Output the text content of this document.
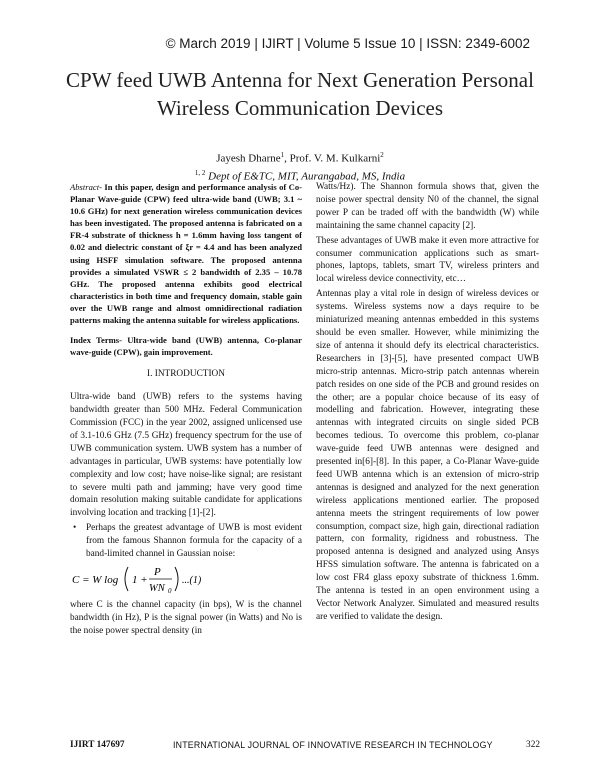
© March 2019 | IJIRT | Volume 5 Issue 10 | ISSN: 2349-6002
CPW feed UWB Antenna for Next Generation Personal
Wireless Communication Devices
Jayesh Dharne$^1$, Prof. V. M. Kulkarni$^2$
$^{1, 2}$ Dept of E&TC, MIT, Aurangabad, MS, India

Abstract- In this paper, design and performance analysis of Co-Planar Wave-guide (CPW) feed ultra-wide band (UWB; 3.1 ~ 10.6 GHz) for next generation wireless communication devices has been investigated. The proposed antenna is fabricated on a FR-4 substrate of thickness h = 1.6mm having loss tangent of 0.02 and dielectric constant of ξr = 4.4 and has been analyzed using HSFF simulation software. The proposed antenna provides a simulated VSWR ≤ 2 bandwidth of 2.35 – 10.78 GHz. The proposed antenna exhibits good electrical characteristics in both time and frequency domain, stable gain over the UWB range and almost omnidirectional radiation patterns making the antenna suitable for wireless applications.

Index Terms- Ultra-wide band (UWB) antenna, Co-planar wave-guide (CPW), gain improvement.

I. INTRODUCTION

Ultra-wide band (UWB) refers to the systems having bandwidth greater than 500 MHz. Federal Communication Commission (FCC) in the year 2002, assigned unlicensed use of 3.1-10.6 GHz (7.5 GHz) frequency spectrum for the use of UWB communication system. UWB system has a number of advantages in particular, UWB systems: have potentially low complexity and low cost; have noise-like signal; are resistant to severe multi path and jamming; have very good time domain resolution making suitable candidate for applications involving location and tracking [1]-[2].

• Perhaps the greatest advantage of UWB is most evident from the famous Shannon formula for the capacity of a band-limited channel in Gaussian noise:
C = W log 1 +
P
WN 0
...(1)

where C is the channel capacity (in bps), W is the channel bandwidth (in Hz), P is the signal power (in Watts) and No is the noise power spectral density (in

Watts/Hz). The Shannon formula shows that, given the noise power spectral density N0 of the channel, the signal power P can be traded off with the bandwidth (W) while maintaining the same channel capacity [2].

These advantages of UWB make it even more attractive for consumer communication applications such as smart-phones, laptops, tablets, smart TV, wireless printers and local wireless device connectivity, etc…

Antennas play a vital role in design of wireless devices or systems. Wireless systems now a days require to be miniaturized meaning antennas embedded in this systems should be even smaller. However, while minimizing the size of antenna it should defy its electrical characteristics. Researchers in [3]-[5], have presented compact UWB micro-strip antennas. Micro-strip patch antennas wherein patch resides on one side of the PCB and ground resides on the other; are a popular choice because of its easy of modelling and fabrication. However, integrating these antennas with integrated circuits on single sided PCB becomes tedious. To overcome this problem, co-planar wave-guide feed UWB antennas were designed and presented in[6]-[8]. In this paper, a Co-Planar Wave-guide feed UWB antenna which is an extension of micro-strip antennas is designed and analyzed for the next generation wireless applications mentioned earlier. The proposed antenna meets the stringent requirements of low power consumption, compact size, high gain, directional radiation pattern, con formality, rigidness and robustness. The proposed antenna is designed and analyzed using Ansys HFSS simulation software. The antenna is fabricated on a low cost FR4 glass epoxy substrate of thickness 1.6mm. The antenna is tested in an open environment using a Vector Network Analyzer. Simulated and measured results are verified to validate the design.

IJIRT 147697	INTERNATIONAL JOURNAL OF INNOVATIVE RESEARCH IN TECHNOLOGY	322
